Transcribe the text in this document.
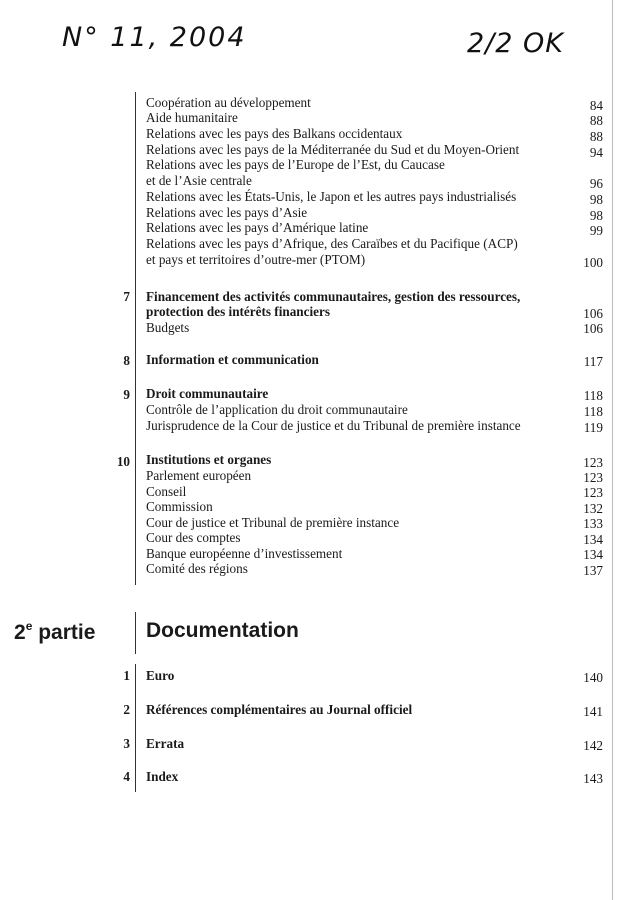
N° 11, 2004	2/2 OK
Coopération au développement	84
Aide humanitaire	88
Relations avec les pays des Balkans occidentaux	88
Relations avec les pays de la Méditerranée du Sud et du Moyen-Orient	94
Relations avec les pays de l’Europe de l’Est, du Caucase
et de l’Asie centrale	96
Relations avec les États-Unis, le Japon et les autres pays industrialisés	98
Relations avec les pays d’Asie	98
Relations avec les pays d’Amérique latine	99
Relations avec les pays d’Afrique, des Caraïbes et du Pacifique (ACP)
et pays et territoires d’outre-mer (PTOM)	100
7 Financement des activités communautaires, gestion des ressources,
protection des intérêts financiers	106
Budgets	106
8 Information et communication	117
9 Droit communautaire	118
Contrôle de l’application du droit communautaire	118
Jurisprudence de la Cour de justice et du Tribunal de première instance	119
10 Institutions et organes	123
Parlement européen	123
Conseil	123
Commission	132
Cour de justice et Tribunal de première instance	133
Cour des comptes	134
Banque européenne d’investissement	134
Comité des régions	137
1 Euro	140
2 Références complémentaires au Journal officiel	141
3 Errata	142
4 Index	143
2e partie Documentation
